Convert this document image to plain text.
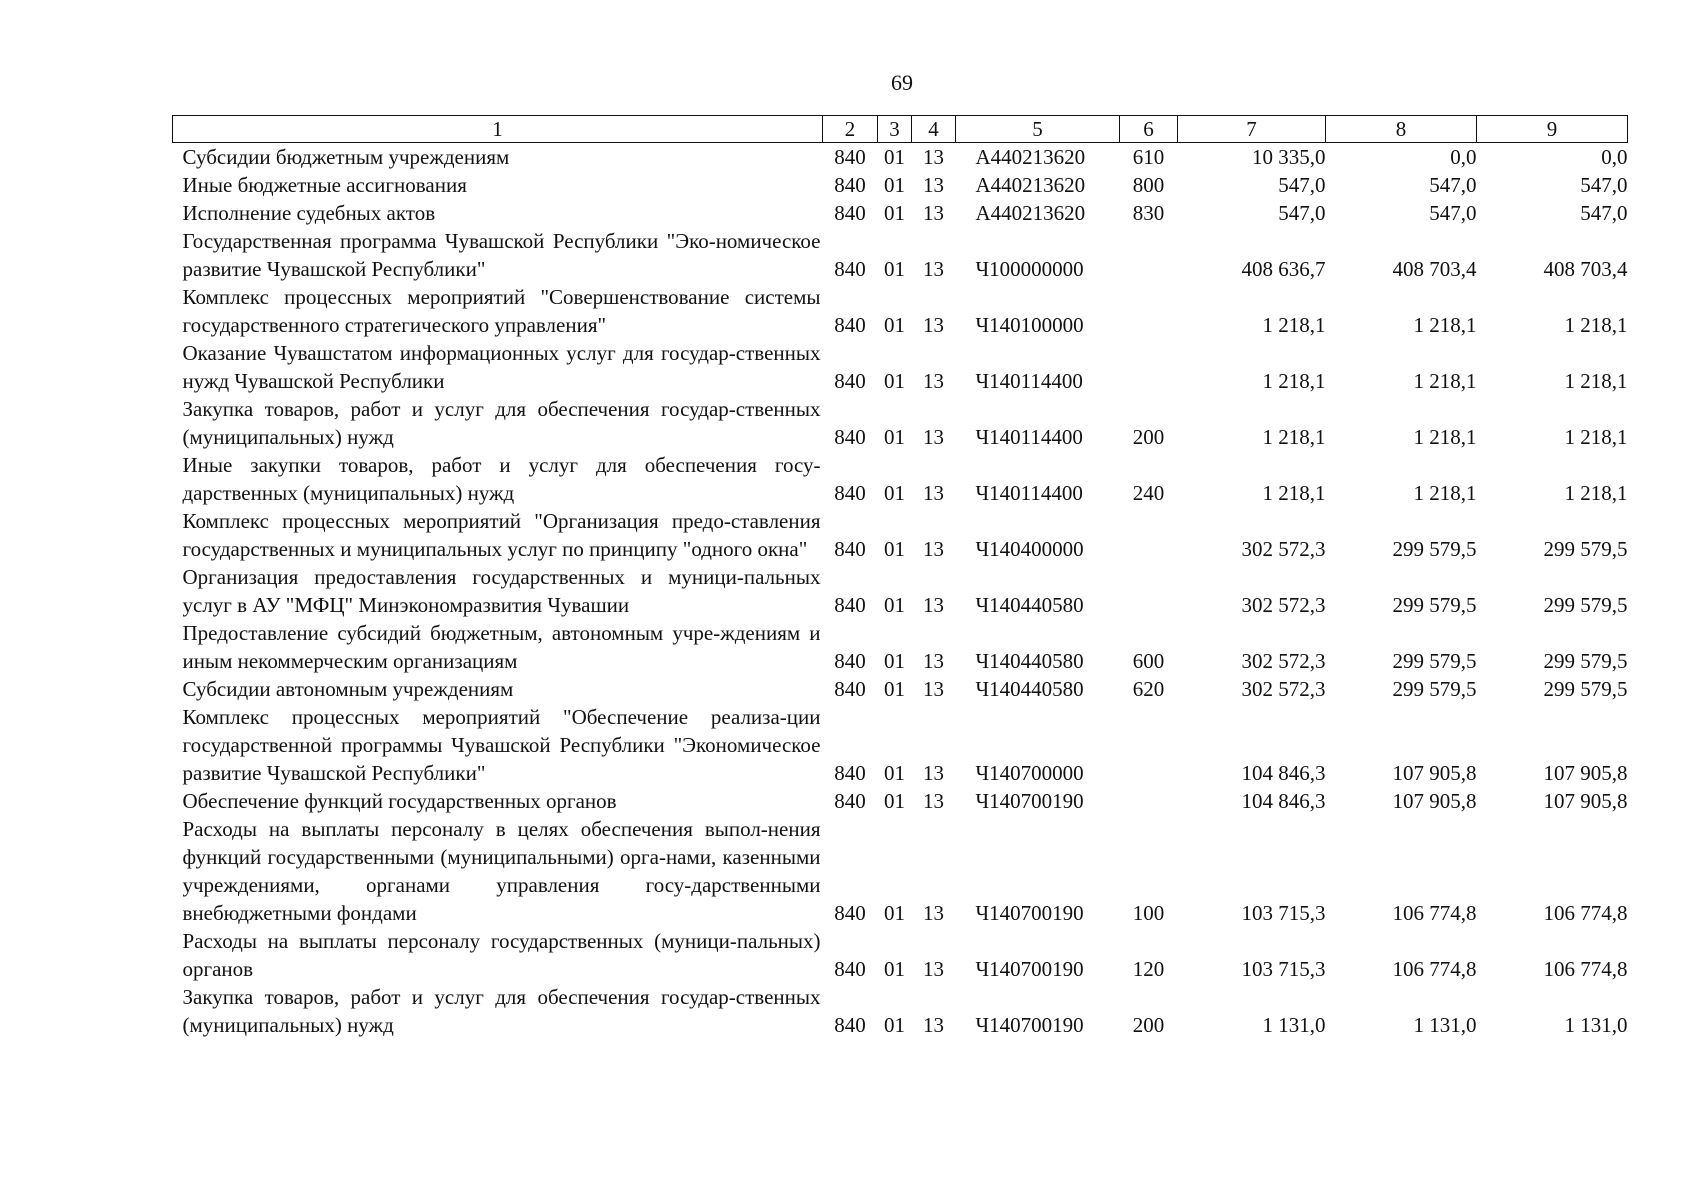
69
1	2	3	4	5	6	7	8	9
Субсидии бюджетным учреждениям	840	01	13	А440213620	610	10 335,0	0,0	0,0
Иные бюджетные ассигнования	840	01	13	А440213620	800	547,0	547,0	547,0
Исполнение судебных актов	840	01	13	А440213620	830	547,0	547,0	547,0
Государственная программа Чувашской Республики "Эко-номическое развитие Чувашской Республики"	840	01	13	Ч100000000		408 636,7	408 703,4	408 703,4
Комплекс процессных мероприятий "Совершенствование системы государственного стратегического управления"	840	01	13	Ч140100000		1 218,1	1 218,1	1 218,1
Оказание Чувашстатом информационных услуг для государ-ственных нужд Чувашской Республики	840	01	13	Ч140114400		1 218,1	1 218,1	1 218,1
Закупка товаров, работ и услуг для обеспечения государ-ственных (муниципальных) нужд	840	01	13	Ч140114400	200	1 218,1	1 218,1	1 218,1
Иные закупки товаров, работ и услуг для обеспечения госу-дарственных (муниципальных) нужд	840	01	13	Ч140114400	240	1 218,1	1 218,1	1 218,1
Комплекс процессных мероприятий "Организация предо-ставления государственных и муниципальных услуг по принципу "одного окна"	840	01	13	Ч140400000		302 572,3	299 579,5	299 579,5
Организация предоставления государственных и муници-пальных услуг в АУ "МФЦ" Минэкономразвития Чувашии	840	01	13	Ч140440580		302 572,3	299 579,5	299 579,5
Предоставление субсидий бюджетным, автономным учре-ждениям и иным некоммерческим организациям	840	01	13	Ч140440580	600	302 572,3	299 579,5	299 579,5
Субсидии автономным учреждениям	840	01	13	Ч140440580	620	302 572,3	299 579,5	299 579,5
Комплекс процессных мероприятий "Обеспечение реализа-ции государственной программы Чувашской Республики "Экономическое развитие Чувашской Республики"	840	01	13	Ч140700000		104 846,3	107 905,8	107 905,8
Обеспечение функций государственных органов	840	01	13	Ч140700190		104 846,3	107 905,8	107 905,8
Расходы на выплаты персоналу в целях обеспечения выпол-нения функций государственными (муниципальными) орга-нами, казенными учреждениями, органами управления госу-дарственными внебюджетными фондами	840	01	13	Ч140700190	100	103 715,3	106 774,8	106 774,8
Расходы на выплаты персоналу государственных (муници-пальных) органов	840	01	13	Ч140700190	120	103 715,3	106 774,8	106 774,8
Закупка товаров, работ и услуг для обеспечения государ-ственных (муниципальных) нужд	840	01	13	Ч140700190	200	1 131,0	1 131,0	1 131,0
